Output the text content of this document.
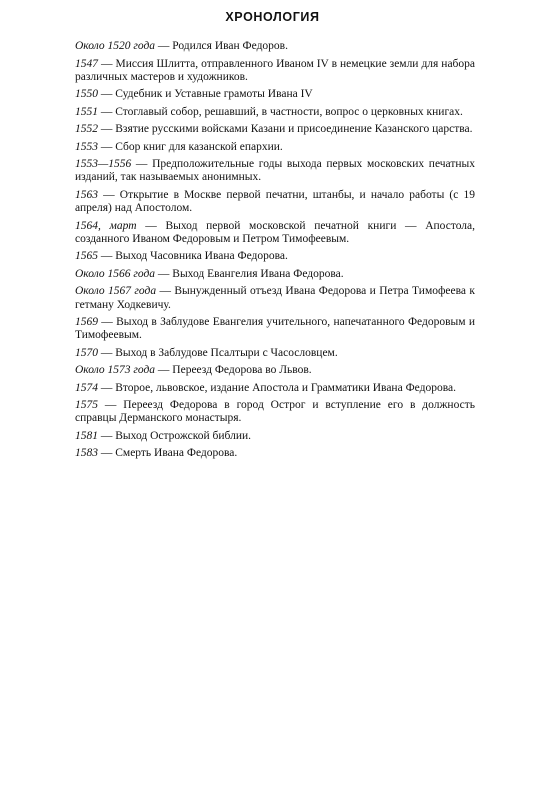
ХРОНОЛОГИЯ

Около 1520 года — Родился Иван Федоров.

1547 — Миссия Шлитта, отправленного Иваном IV в немецкие земли для набора различных мастеров и художников.

1550 — Судебник и Уставные грамоты Ивана IV

1551 — Стоглавый собор, решавший, в частности, вопрос о церковных книгах.

1552 — Взятие русскими войсками Казани и присоединение Казанского царства.

1553 — Сбор книг для казанской епархии.

1553—1556 — Предположительные годы выхода первых московских печатных изданий, так называемых анонимных.

1563 — Открытие в Москве первой печатни, штанбы, и начало работы (с 19 апреля) над Апостолом.

1564, март — Выход первой московской печатной книги — Апостола, созданного Иваном Федоровым и Петром Тимофеевым.

1565 — Выход Часовника Ивана Федорова.

Около 1566 года — Выход Евангелия Ивана Федорова.

Около 1567 года — Вынужденный отъезд Ивана Федорова и Петра Тимофеева к гетману Ходкевичу.

1569 — Выход в Заблудове Евангелия учительного, напечатанного Федоровым и Тимофеевым.

1570 — Выход в Заблудове Псалтыри с Часословцем.

Около 1573 года — Переезд Федорова во Львов.

1574 — Второе, львовское, издание Апостола и Грамматики Ивана Федорова.

1575 — Переезд Федорова в город Острог и вступление его в должность справцы Дерманского монастыря.

1581 — Выход Острожской библии.

1583 — Смерть Ивана Федорова.
